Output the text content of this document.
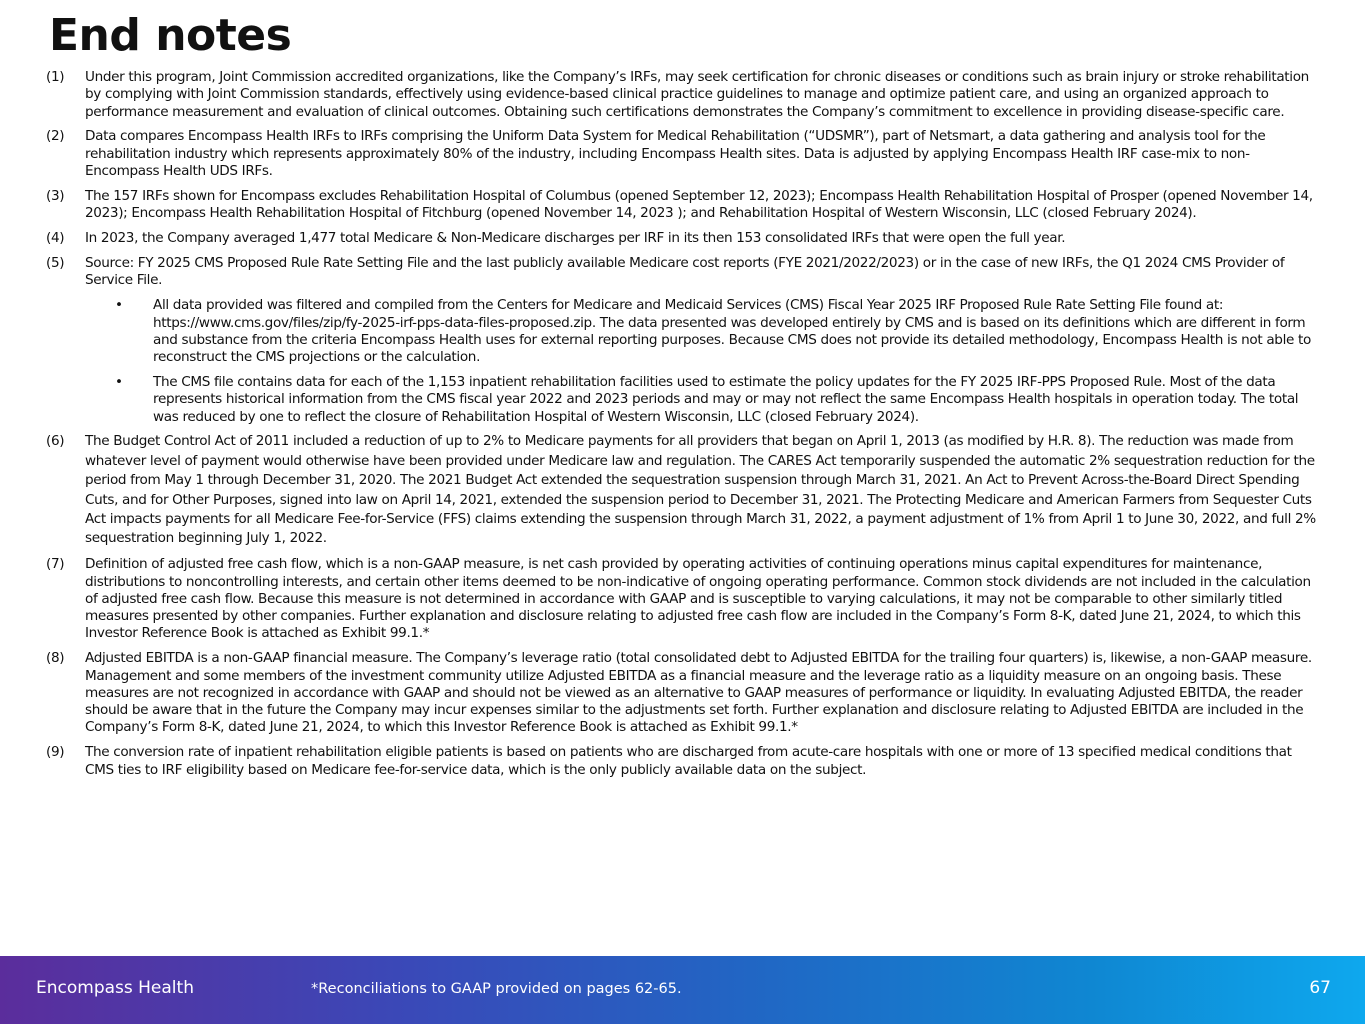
End notes
(1)	Under this program, Joint Commission accredited organizations, like the Company’s IRFs, may seek certification for chronic diseases or conditions such as brain injury or stroke rehabilitation by complying with Joint Commission standards, effectively using evidence-based clinical practice guidelines to manage and optimize patient care, and using an organized approach to performance measurement and evaluation of clinical outcomes. Obtaining such certifications demonstrates the Company’s commitment to excellence in providing disease-specific care.
(2)	Data compares Encompass Health IRFs to IRFs comprising the Uniform Data System for Medical Rehabilitation (“UDSMR”), part of Netsmart, a data gathering and analysis tool for the rehabilitation industry which represents approximately 80% of the industry, including Encompass Health sites. Data is adjusted by applying Encompass Health IRF case-mix to non-Encompass Health UDS IRFs.
(3)	The 157 IRFs shown for Encompass excludes Rehabilitation Hospital of Columbus (opened September 12, 2023); Encompass Health Rehabilitation Hospital of Prosper (opened November 14, 2023); Encompass Health Rehabilitation Hospital of Fitchburg (opened November 14, 2023 ); and Rehabilitation Hospital of Western Wisconsin, LLC (closed February 2024).
(4)	In 2023, the Company averaged 1,477 total Medicare & Non-Medicare discharges per IRF in its then 153 consolidated IRFs that were open the full year.
(5)	Source: FY 2025 CMS Proposed Rule Rate Setting File and the last publicly available Medicare cost reports (FYE 2021/2022/2023) or in the case of new IRFs, the Q1 2024 CMS Provider of Service File.
•	All data provided was filtered and compiled from the Centers for Medicare and Medicaid Services (CMS) Fiscal Year 2025 IRF Proposed Rule Rate Setting File found at: https://www.cms.gov/files/zip/fy-2025-irf-pps-data-files-proposed.zip. The data presented was developed entirely by CMS and is based on its definitions which are different in form and substance from the criteria Encompass Health uses for external reporting purposes. Because CMS does not provide its detailed methodology, Encompass Health is not able to reconstruct the CMS projections or the calculation.
•	The CMS file contains data for each of the 1,153 inpatient rehabilitation facilities used to estimate the policy updates for the FY 2025 IRF-PPS Proposed Rule. Most of the data represents historical information from the CMS fiscal year 2022 and 2023 periods and may or may not reflect the same Encompass Health hospitals in operation today. The total was reduced by one to reflect the closure of Rehabilitation Hospital of Western Wisconsin, LLC (closed February 2024).
(6)	The Budget Control Act of 2011 included a reduction of up to 2% to Medicare payments for all providers that began on April 1, 2013 (as modified by H.R. 8). The reduction was made from whatever level of payment would otherwise have been provided under Medicare law and regulation. The CARES Act temporarily suspended the automatic 2% sequestration reduction for the period from May 1 through December 31, 2020. The 2021 Budget Act extended the sequestration suspension through March 31, 2021. An Act to Prevent Across-the-Board Direct Spending Cuts, and for Other Purposes, signed into law on April 14, 2021, extended the suspension period to December 31, 2021. The Protecting Medicare and American Farmers from Sequester Cuts Act impacts payments for all Medicare Fee-for-Service (FFS) claims extending the suspension through March 31, 2022, a payment adjustment of 1% from April 1 to June 30, 2022, and full 2% sequestration beginning July 1, 2022.
(7)	Definition of adjusted free cash flow, which is a non-GAAP measure, is net cash provided by operating activities of continuing operations minus capital expenditures for maintenance, distributions to noncontrolling interests, and certain other items deemed to be non-indicative of ongoing operating performance. Common stock dividends are not included in the calculation of adjusted free cash flow. Because this measure is not determined in accordance with GAAP and is susceptible to varying calculations, it may not be comparable to other similarly titled measures presented by other companies. Further explanation and disclosure relating to adjusted free cash flow are included in the Company’s Form 8-K, dated June 21, 2024, to which this Investor Reference Book is attached as Exhibit 99.1.*
(8)	Adjusted EBITDA is a non-GAAP financial measure. The Company’s leverage ratio (total consolidated debt to Adjusted EBITDA for the trailing four quarters) is, likewise, a non-GAAP measure. Management and some members of the investment community utilize Adjusted EBITDA as a financial measure and the leverage ratio as a liquidity measure on an ongoing basis. These measures are not recognized in accordance with GAAP and should not be viewed as an alternative to GAAP measures of performance or liquidity. In evaluating Adjusted EBITDA, the reader should be aware that in the future the Company may incur expenses similar to the adjustments set forth. Further explanation and disclosure relating to Adjusted EBITDA are included in the Company’s Form 8-K, dated June 21, 2024, to which this Investor Reference Book is attached as Exhibit 99.1.*
(9)	The conversion rate of inpatient rehabilitation eligible patients is based on patients who are discharged from acute-care hospitals with one or more of 13 specified medical conditions that CMS ties to IRF eligibility based on Medicare fee-for-service data, which is the only publicly available data on the subject.
Encompass Health	*Reconciliations to GAAP provided on pages 62-65.	67
